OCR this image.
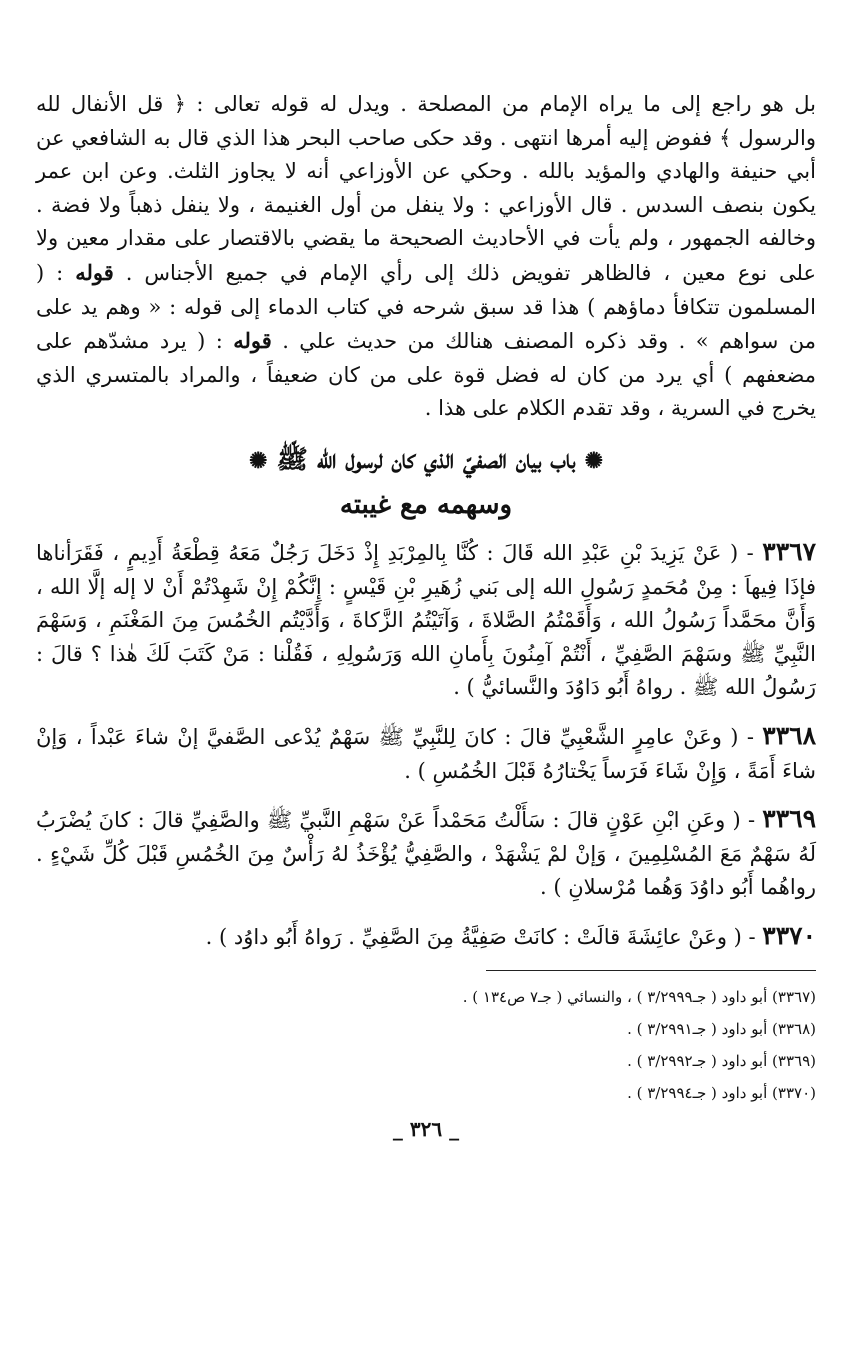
بل هو راجع إلى ما يراه الإمام من المصلحة . ويدل له قوله تعالى : ﴿ قل الأنفال لله والرسول ﴾ ففوض إليه أمرها انتهى . وقد حكى صاحب البحر هذا الذي قال به الشافعي عن أبي حنيفة والهادي والمؤيد بالله . وحكي عن الأوزاعي أنه لا يجاوز الثلث. وعن ابن عمر يكون بنصف السدس . قال الأوزاعي : ولا ينفل من أول الغنيمة ، ولا ينفل ذهباً ولا فضة . وخالفه الجمهور ، ولم يأت في الأحاديث الصحيحة ما يقضي بالاقتصار على مقدار معين ولا على نوع معين ، فالظاهر تفويض ذلك إلى رأي الإمام في جميع الأجناس . قوله : ( المسلمون تتكافأ دماؤهم ) هذا قد سبق شرحه في كتاب الدماء إلى قوله : « وهم يد على من سواهم » . وقد ذكره المصنف هنالك من حديث علي . قوله : ( يرد مشدّهم على مضعفهم ) أي يرد من كان له فضل قوة على من كان ضعيفاً ، والمراد بالمتسري الذي يخرج في السرية ، وقد تقدم الكلام على هذا .

✺ باب بيان الصفيّ الذي كان لرسول الله ﷺ ✺

وسهمه مع غيبته

٣٣٦٧ - ( عَنْ يَزِيدَ بْنِ عَبْدِ الله قَالَ : كُنَّا بِالمِرْبَدِ إِذْ دَخَلَ رَجُلٌ مَعَهُ قِطْعَةُ أَدِيمٍ ، فَقَرَأناها فإذَا فِيهاَ : مِنْ مُحَمدٍ رَسُولِ الله إلى بَني زُهَيرِ بْنِ قَيْسٍ : إِنَّكُمْ إِنْ شَهِدْتُمْ أَنْ لا إله إلَّا الله ، وَأَنَّ محَمَّداً رَسُولُ الله ، وَأَقَمْتُمُ الصَّلاةَ ، وَآتَيْتُمُ الزَّكاةَ ، وَأَدَّيْتُم الخُمُسَ مِنَ المَغْنَمِ ، وَسَهْمَ النَّبِيِّ ﷺ وسَهْمَ الصَّفِيِّ ، أَنْتُمْ آمِنُونَ بِأَمانِ الله وَرَسُولِهِ ، فَقُلْنا : مَنْ كَتَبَ لَكَ هٰذا ؟ قالَ : رَسُولُ الله ﷺ . رواهُ أَبُو دَاوُدَ والنَّسائيُّ ) .

٣٣٦٨ - ( وعَنْ عامِرٍ الشَّعْبِيِّ قالَ : كانَ لِلنَّبِيِّ ﷺ سَهْمٌ يُدْعى الصَّفيَّ إنْ شاءَ عَبْداً ، وَإنْ شاءَ أَمَةً ، وَإِنْ شَاءَ فَرَساً يَخْتارُهُ قَبْلَ الخُمُسِ ) .

٣٣٦٩ - ( وعَنِ ابْنِ عَوْنٍ قالَ : سَأَلْتُ مَحَمْداً عَنْ سَهْمِ النَّبيِّ ﷺ والصَّفِيِّ قالَ : كانَ يُضْرَبُ لَهُ سَهْمٌ مَعَ المُسْلِمِينَ ، وَإنْ لمْ يَشْهَدْ ، والصَّفِيُّ يُؤْخَذُ لهُ رَأْسٌ مِنَ الخُمُسِ قَبْلَ كُلِّ شَيْءٍ . رواهُما أَبُو داوُدَ وَهُما مُرْسلانِ ) .

٣٣٧٠ - ( وعَنْ عائِشَةَ قالَتْ : كانَتْ صَفِيَّةُ مِنَ الصَّفِيِّ . رَواهُ أَبُو داوُد ) .

(٣٣٦٧) أبو داود ( جـ٣/٢٩٩٩ ) ، والنسائي ( جـ٧ ص١٣٤ ) .

(٣٣٦٨) أبو داود ( جـ٣/٢٩٩١ ) .

(٣٣٦٩) أبو داود ( جـ٣/٢٩٩٢ ) .

(٣٣٧٠) أبو داود ( جـ٣/٢٩٩٤ ) .

_ ٣٢٦ _
